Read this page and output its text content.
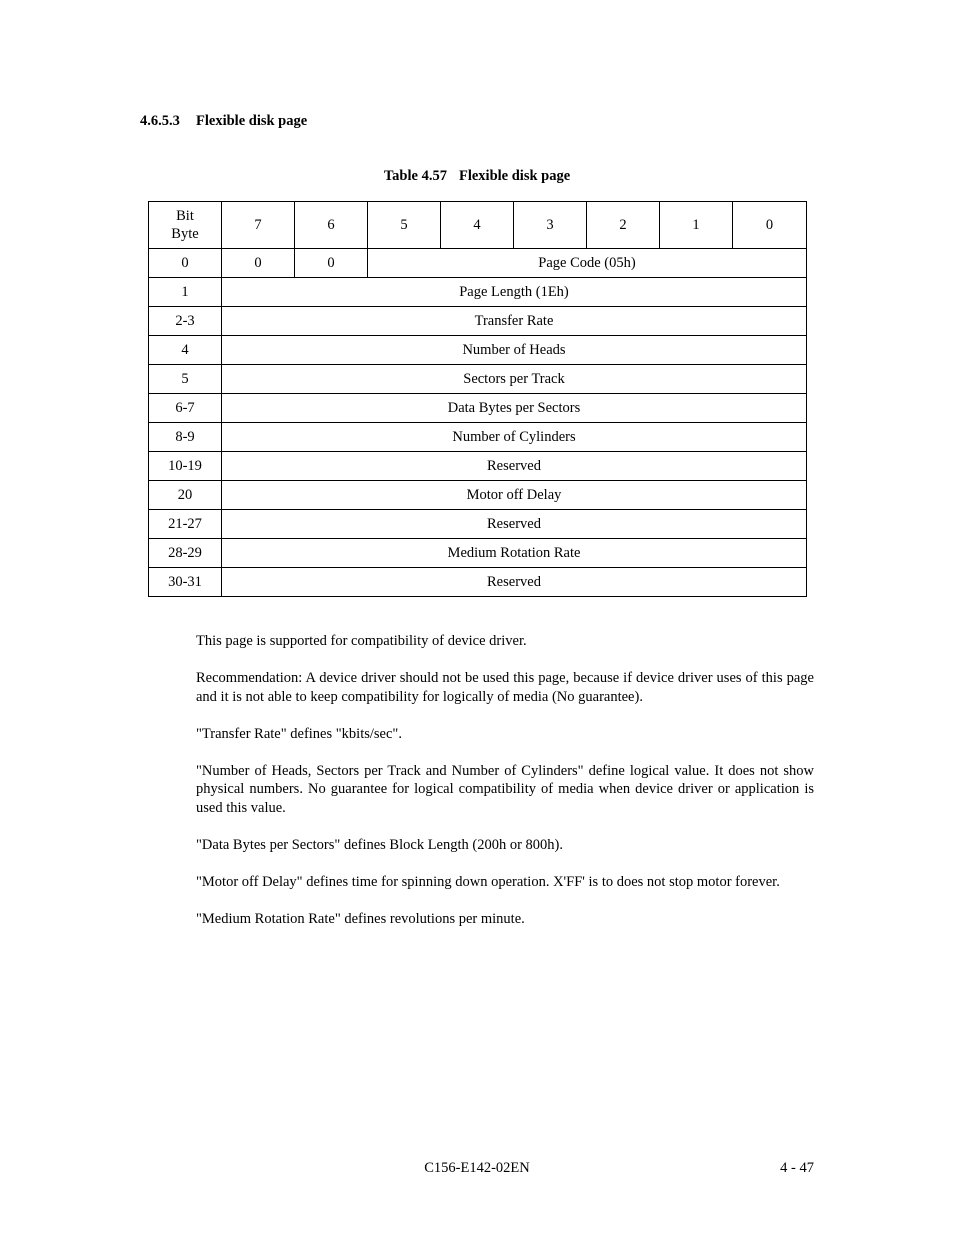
4.6.5.3 Flexible disk page
Table 4.57 Flexible disk page
Bit
Byte	7	6	5	4	3	2	1	0
0	0	0	Page Code (05h)					
1	Page Length (1Eh)							
2-3	Transfer Rate							
4	Number of Heads							
5	Sectors per Track							
6-7	Data Bytes per Sectors							
8-9	Number of Cylinders							
10-19	Reserved							
20	Motor off Delay							
21-27	Reserved							
28-29	Medium Rotation Rate							
30-31	Reserved							

This page is supported for compatibility of device driver.

Recommendation: A device driver should not be used this page, because if device driver uses of this page and it is not able to keep compatibility for logically of media (No guarantee).

"Transfer Rate" defines "kbits/sec".

"Number of Heads, Sectors per Track and Number of Cylinders" define logical value. It does not show physical numbers. No guarantee for logical compatibility of media when device driver or application is used this value.

"Data Bytes per Sectors" defines Block Length (200h or 800h).

"Motor off Delay" defines time for spinning down operation. X'FF' is to does not stop motor forever.

"Medium Rotation Rate" defines revolutions per minute.

C156-E142-02EN	4 - 47
